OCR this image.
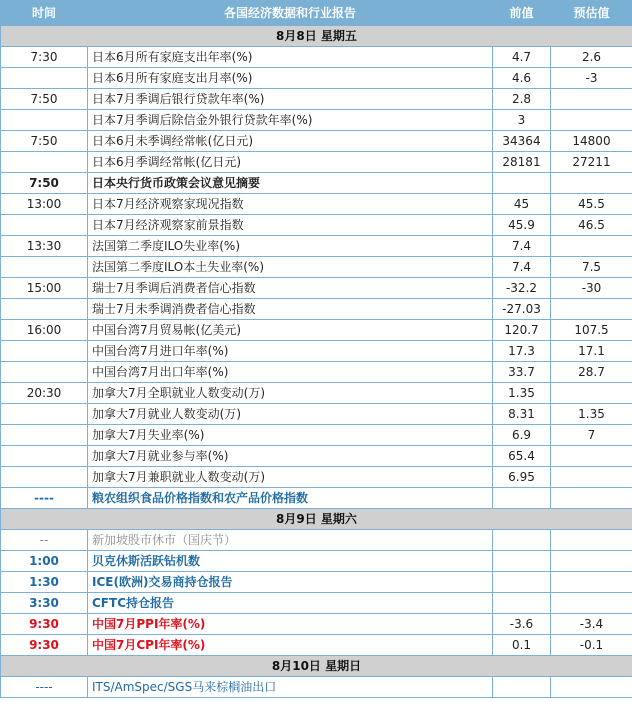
时间	各国经济数据和行业报告	前值	预估值
8月8日 星期五			
7:30	日本6月所有家庭支出年率(%)	4.7	2.6
	日本6月所有家庭支出月率(%)	4.6	-3
7:50	日本7月季调后银行贷款年率(%)	2.8	
	日本7月季调后除信金外银行贷款年率(%)	3	
7:50	日本6月未季调经常帐(亿日元)	34364	14800
	日本6月季调经常帐(亿日元)	28181	27211
7:50	日本央行货币政策会议意见摘要		
13:00	日本7月经济观察家现况指数	45	45.5
	日本7月经济观察家前景指数	45.9	46.5
13:30	法国第二季度ILO失业率(%)	7.4	
	法国第二季度ILO本土失业率(%)	7.4	7.5
15:00	瑞士7月季调后消费者信心指数	-32.2	-30
	瑞士7月未季调消费者信心指数	-27.03	
16:00	中国台湾7月贸易帐(亿美元)	120.7	107.5
	中国台湾7月进口年率(%)	17.3	17.1
	中国台湾7月出口年率(%)	33.7	28.7
20:30	加拿大7月全职就业人数变动(万)	1.35	
	加拿大7月就业人数变动(万)	8.31	1.35
	加拿大7月失业率(%)	6.9	7
	加拿大7月就业参与率(%)	65.4	
	加拿大7月兼职就业人数变动(万)	6.95	
----	粮农组织食品价格指数和农产品价格指数		
8月9日 星期六			
--	新加坡股市休市（国庆节）		
1:00	贝克休斯活跃钻机数		
1:30	ICE(欧洲)交易商持仓报告		
3:30	CFTC持仓报告		
9:30	中国7月PPI年率(%)	-3.6	-3.4
9:30	中国7月CPI年率(%)	0.1	-0.1
8月10日 星期日			
----	ITS/AmSpec/SGS马来棕榈油出口		
